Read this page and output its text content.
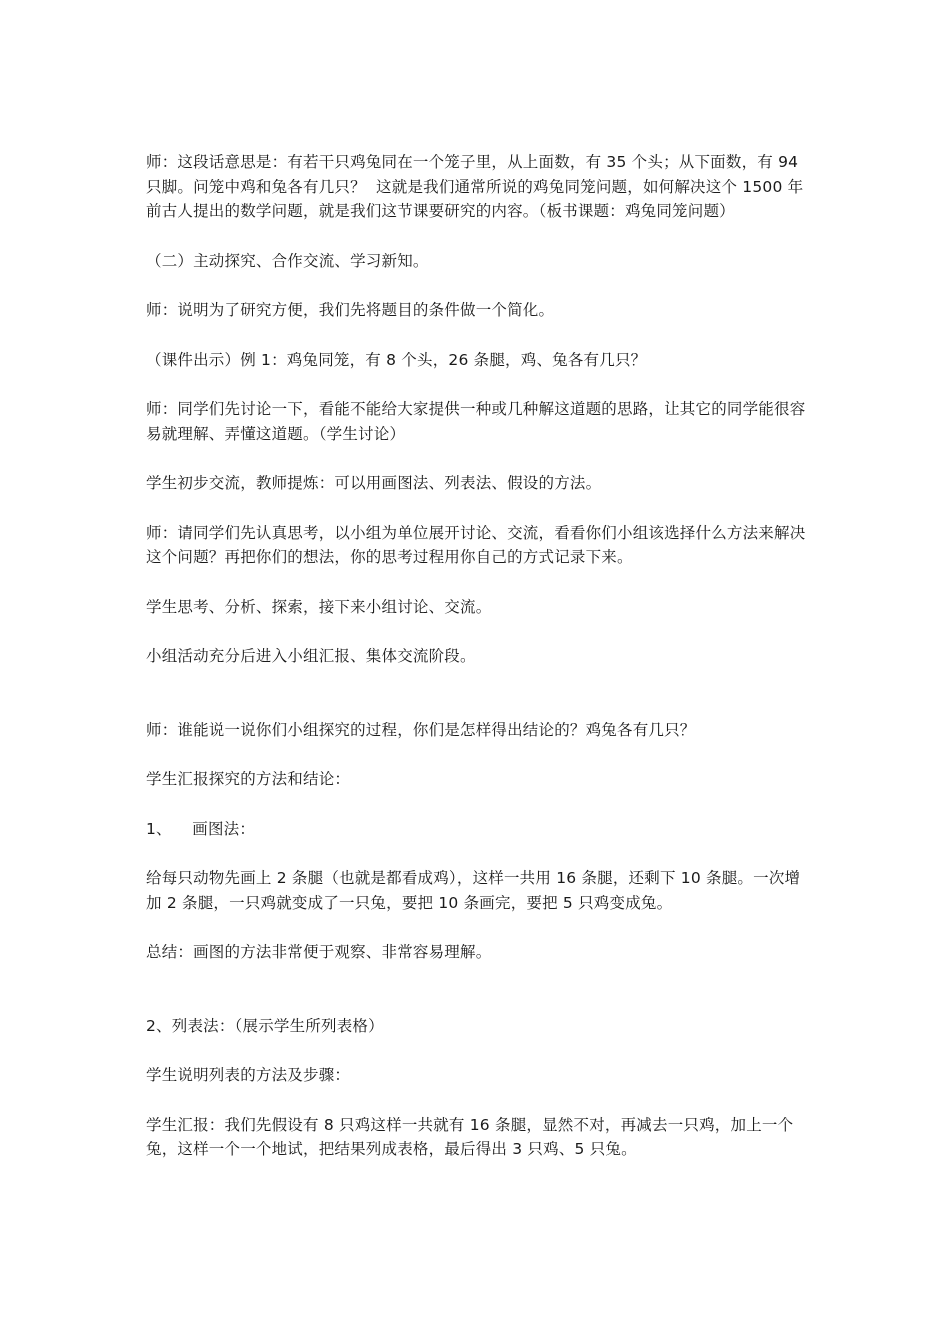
师：这段话意思是：有若干只鸡兔同在一个笼子里，从上面数，有 35 个头；从下面数，有 94 只脚。问笼中鸡和兔各有几只？  这就是我们通常所说的鸡兔同笼问题，如何解决这个 1500 年前古人提出的数学问题，就是我们这节课要研究的内容。（板书课题：鸡兔同笼问题）

（二）主动探究、合作交流、学习新知。

师：说明为了研究方便，我们先将题目的条件做一个简化。

（课件出示）例 1：鸡兔同笼，有 8 个头，26 条腿，鸡、兔各有几只？

师：同学们先讨论一下，看能不能给大家提供一种或几种解这道题的思路，让其它的同学能很容易就理解、弄懂这道题。（学生讨论）

学生初步交流，教师提炼：可以用画图法、列表法、假设的方法。

师：请同学们先认真思考，以小组为单位展开讨论、交流，看看你们小组该选择什么方法来解决这个问题？再把你们的想法，你的思考过程用你自己的方式记录下来。

学生思考、分析、探索，接下来小组讨论、交流。

小组活动充分后进入小组汇报、集体交流阶段。

师：谁能说一说你们小组探究的过程，你们是怎样得出结论的？鸡兔各有几只？

学生汇报探究的方法和结论：

1、    画图法：

给每只动物先画上 2 条腿（也就是都看成鸡），这样一共用 16 条腿，还剩下 10 条腿。一次增加 2 条腿，一只鸡就变成了一只兔，要把 10 条画完，要把 5 只鸡变成兔。

总结：画图的方法非常便于观察、非常容易理解。

2、列表法：（展示学生所列表格）

学生说明列表的方法及步骤：

学生汇报：我们先假设有 8 只鸡这样一共就有 16 条腿，显然不对，再减去一只鸡，加上一个兔，这样一个一个地试，把结果列成表格，最后得出 3 只鸡、5 只兔。
